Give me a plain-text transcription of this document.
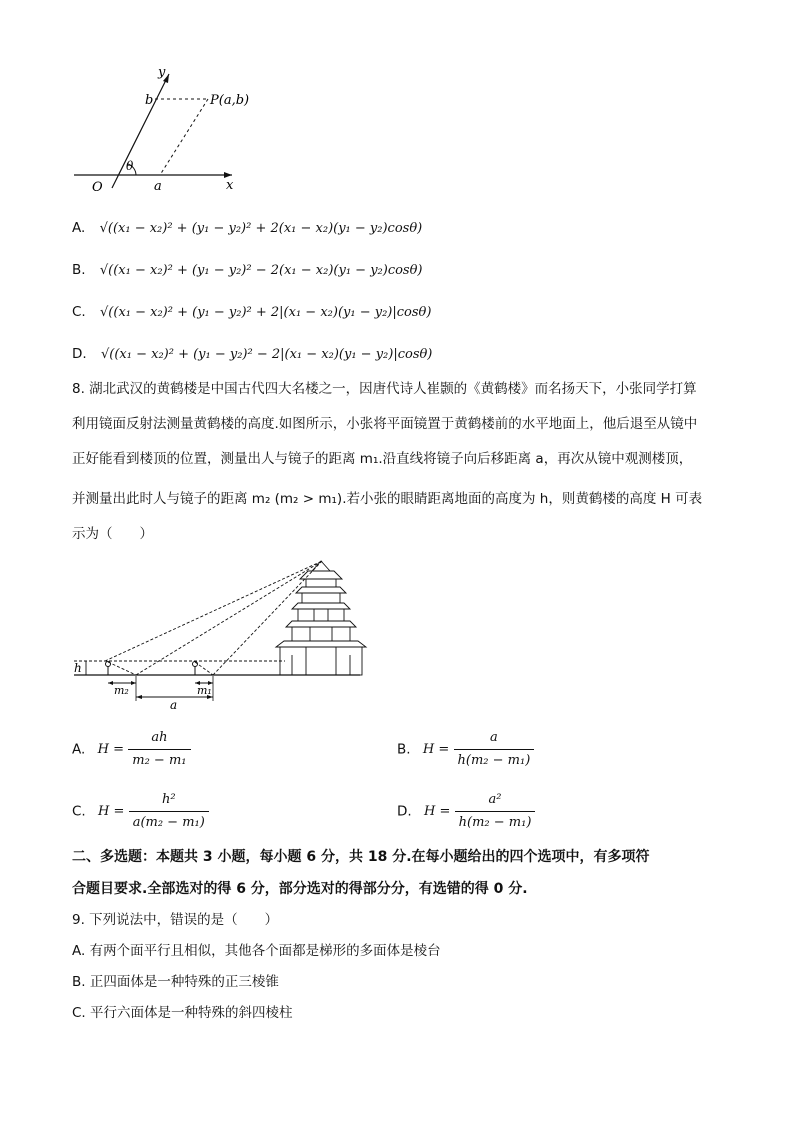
y
x
O
b
a
θ
P(a,b)
A. √((x₁ − x₂)² + (y₁ − y₂)² + 2(x₁ − x₂)(y₁ − y₂)cosθ)
B. √((x₁ − x₂)² + (y₁ − y₂)² − 2(x₁ − x₂)(y₁ − y₂)cosθ)
C. √((x₁ − x₂)² + (y₁ − y₂)² + 2|(x₁ − x₂)(y₁ − y₂)|cosθ)
D. √((x₁ − x₂)² + (y₁ − y₂)² − 2|(x₁ − x₂)(y₁ − y₂)|cosθ)
8. 湖北武汉的黄鹤楼是中国古代四大名楼之一，因唐代诗人崔颢的《黄鹤楼》而名扬天下，小张同学打算
利用镜面反射法测量黄鹤楼的高度.如图所示，小张将平面镜置于黄鹤楼前的水平地面上，他后退至从镜中
正好能看到楼顶的位置，测量出人与镜子的距离 m₁.沿直线将镜子向后移距离 a，再次从镜中观测楼顶，
并测量出此时人与镜子的距离 m₂ (m₂ > m₁).若小张的眼睛距离地面的高度为 h，则黄鹤楼的高度 H 可表
示为（　　）
h
m₂	m₁
a
A. $H = \frac{ah}{\text{m₂ − m₁}}$	B. $H = \frac{a}{\text{h(m₂ − m₁)}}$
C. $H = \frac{\text{h²}}{\text{a(m₂ − m₁)}}$	D. $H = \frac{\text{a²}}{\text{h(m₂ − m₁)}}$
二、多选题：本题共 3 小题，每小题 6 分，共 18 分.在每小题给出的四个选项中，有多项符
合题目要求.全部选对的得 6 分，部分选对的得部分分，有选错的得 0 分.
9. 下列说法中，错误的是（　　）
A. 有两个面平行且相似，其他各个面都是梯形的多面体是棱台
B. 正四面体是一种特殊的正三棱锥
C. 平行六面体是一种特殊的斜四棱柱
